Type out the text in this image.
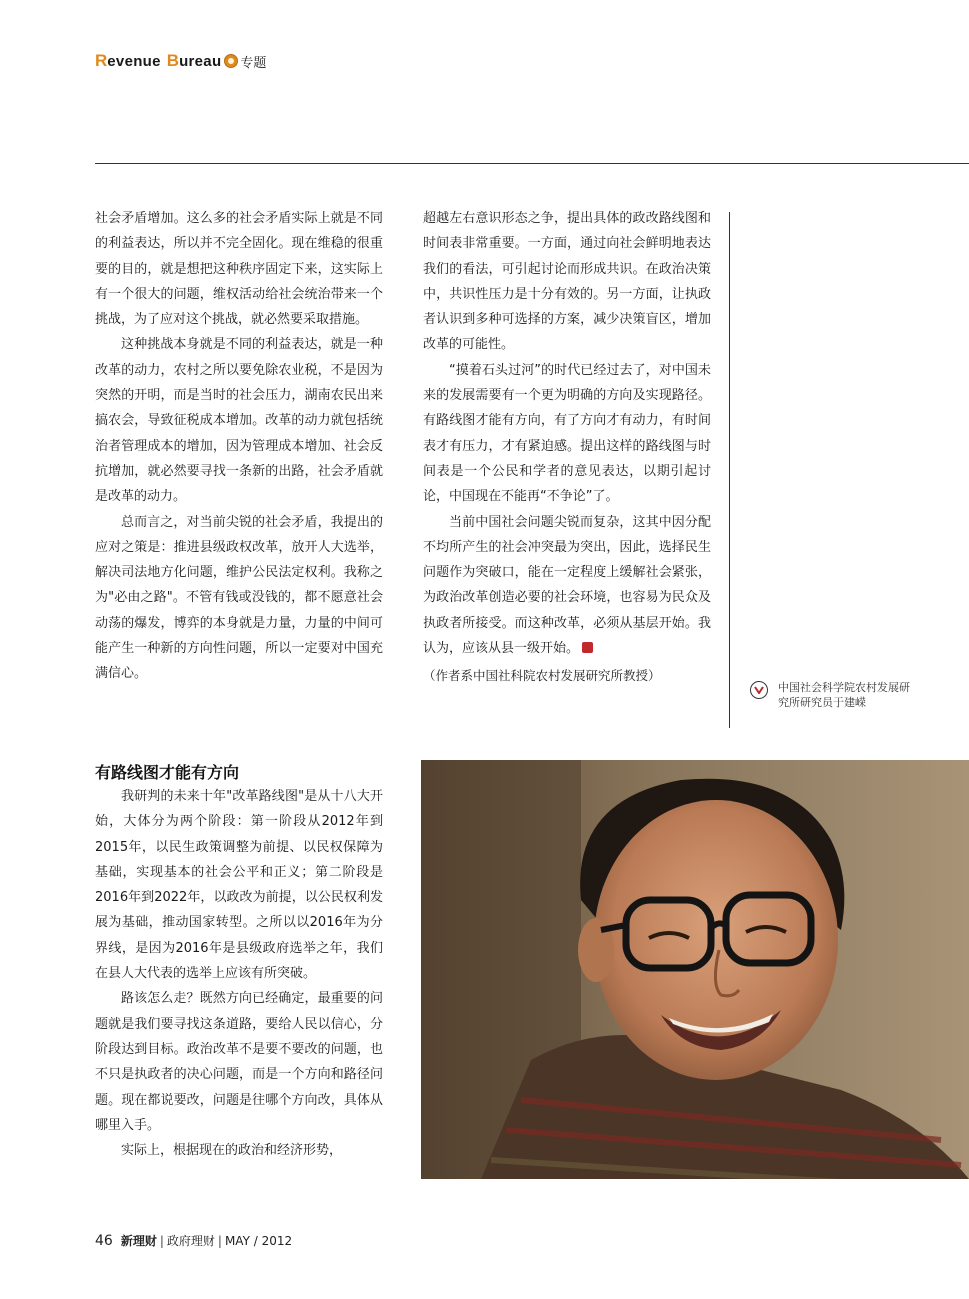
R evenue B ureau 专题

社会矛盾增加。这么多的社会矛盾实际上就是不同的利益表达，所以并不完全固化。现在维稳的很重要的目的，就是想把这种秩序固定下来，这实际上有一个很大的问题，维权活动给社会统治带来一个挑战，为了应对这个挑战，就必然要采取措施。

这种挑战本身就是不同的利益表达，就是一种改革的动力，农村之所以要免除农业税，不是因为突然的开明，而是当时的社会压力，湖南农民出来搞农会，导致征税成本增加。改革的动力就包括统治者管理成本的增加，因为管理成本增加、社会反抗增加，就必然要寻找一条新的出路，社会矛盾就是改革的动力。

总而言之，对当前尖锐的社会矛盾，我提出的应对之策是：推进县级政权改革，放开人大选举，解决司法地方化问题，维护公民法定权利。我称之为"必由之路"。不管有钱或没钱的，都不愿意社会动荡的爆发，博弈的本身就是力量，力量的中间可能产生一种新的方向性问题，所以一定要对中国充满信心。

超越左右意识形态之争，提出具体的政改路线图和时间表非常重要。一方面，通过向社会鲜明地表达我们的看法，可引起讨论而形成共识。在政治决策中，共识性压力是十分有效的。另一方面，让执政者认识到多种可选择的方案，减少决策盲区，增加改革的可能性。

“摸着石头过河”的时代已经过去了，对中国未来的发展需要有一个更为明确的方向及实现路径。有路线图才能有方向，有了方向才有动力，有时间表才有压力，才有紧迫感。提出这样的路线图与时间表是一个公民和学者的意见表达，以期引起讨论，中国现在不能再“不争论”了。

当前中国社会问题尖锐而复杂，这其中因分配不均所产生的社会冲突最为突出，因此，选择民生问题作为突破口，能在一定程度上缓解社会紧张，为政治改革创造必要的社会环境，也容易为民众及执政者所接受。而这种改革，必须从基层开始。我认为，应该从县一级开始。

（作者系中国社科院农村发展研究所教授）

中国社会科学院农村发展研究所研究员于建嵘
有路线图才能有方向

我研判的未来十年"改革路线图"是从十八大开始，大体分为两个阶段：第一阶段从2012年到2015年，以民生政策调整为前提、以民权保障为基础，实现基本的社会公平和正义；第二阶段是2016年到2022年，以政改为前提，以公民权利发展为基础，推动国家转型。之所以以2016年为分界线，是因为2016年是县级政府选举之年，我们在县人大代表的选举上应该有所突破。

路该怎么走？既然方向已经确定，最重要的问题就是我们要寻找这条道路，要给人民以信心，分阶段达到目标。政治改革不是要不要改的问题，也不只是执政者的决心问题，而是一个方向和路径问题。现在都说要改，问题是往哪个方向改，具体从哪里入手。

实际上，根据现在的政治和经济形势，

46 新理财 | 政府理财 | MAY / 2012
